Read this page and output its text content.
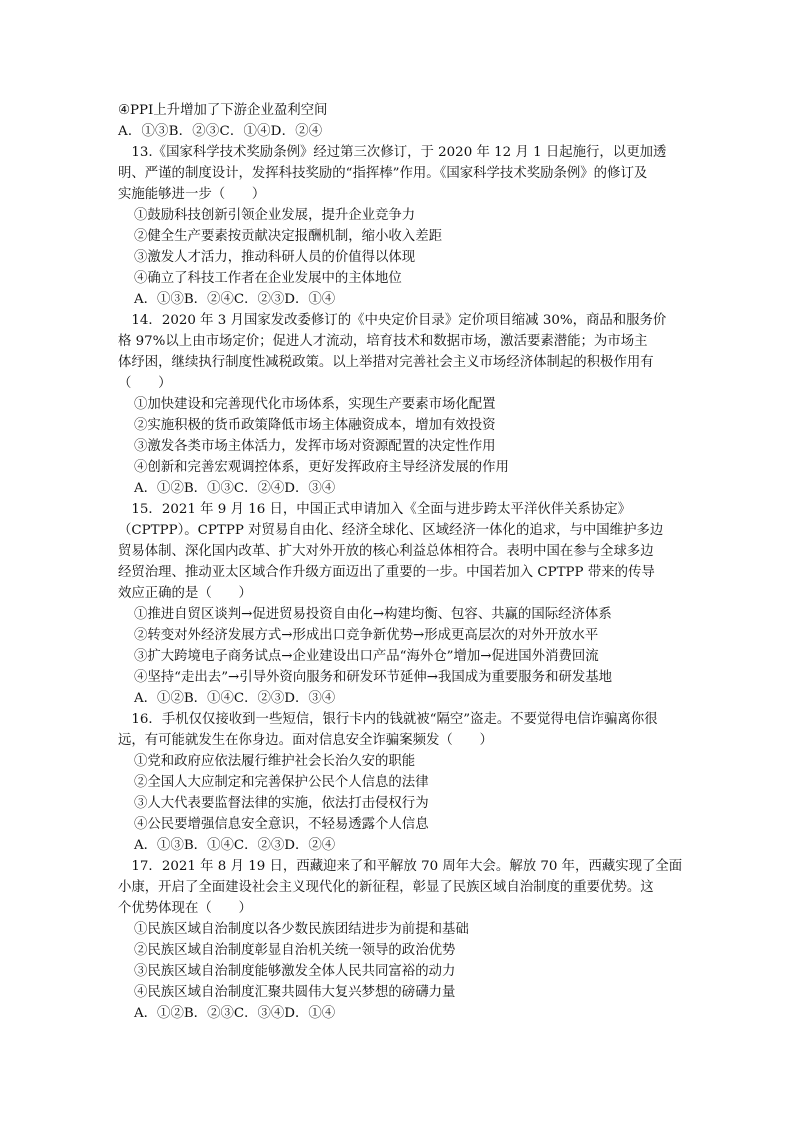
④PPI上升增加了下游企业盈利空间
A．①③B．②③C．①④D．②④
13.《国家科学技术奖励条例》经过第三次修订，于 2020 年 12 月 1 日起施行，以更加透
明、严谨的制度设计，发挥科技奖励的“指挥棒”作用。《国家科学技术奖励条例》的修订及
实施能够进一步（　　）
①鼓励科技创新引领企业发展，提升企业竞争力
②健全生产要素按贡献决定报酬机制，缩小收入差距
③激发人才活力，推动科研人员的价值得以体现
④确立了科技工作者在企业发展中的主体地位
A．①③B．②④C．②③D．①④
14．2020 年 3 月国家发改委修订的《中央定价目录》定价项目缩减 30%，商品和服务价
格 97%以上由市场定价；促进人才流动，培育技术和数据市场，激活要素潜能；为市场主
体纾困，继续执行制度性减税政策。以上举措对完善社会主义市场经济体制起的积极作用有
（　　）
①加快建设和完善现代化市场体系，实现生产要素市场化配置
②实施积极的货币政策降低市场主体融资成本，增加有效投资
③激发各类市场主体活力，发挥市场对资源配置的决定性作用
④创新和完善宏观调控体系，更好发挥政府主导经济发展的作用
A．①②B．①③C．②④D．③④
15．2021 年 9 月 16 日，中国正式申请加入《全面与进步跨太平洋伙伴关系协定》
（CPTPP）。CPTPP 对贸易自由化、经济全球化、区域经济一体化的追求，与中国维护多边
贸易体制、深化国内改革、扩大对外开放的核心利益总体相符合。表明中国在参与全球多边
经贸治理、推动亚太区域合作升级方面迈出了重要的一步。中国若加入 CPTPP 带来的传导
效应正确的是（　　）
①推进自贸区谈判→促进贸易投资自由化→构建均衡、包容、共赢的国际经济体系
②转变对外经济发展方式→形成出口竞争新优势→形成更高层次的对外开放水平
③扩大跨境电子商务试点→企业建设出口产品“海外仓”增加→促进国外消费回流
④坚持“走出去”→引导外资向服务和研发环节延伸→我国成为重要服务和研发基地
A．①②B．①④C．②③D．③④
16．手机仅仅接收到一些短信，银行卡内的钱就被“隔空”盗走。不要觉得电信诈骗离你很
远，有可能就发生在你身边。面对信息安全诈骗案频发（　　）
①党和政府应依法履行维护社会长治久安的职能
②全国人大应制定和完善保护公民个人信息的法律
③人大代表要监督法律的实施，依法打击侵权行为
④公民要增强信息安全意识，不轻易透露个人信息
A．①③B．①④C．②③D．②④
17．2021 年 8 月 19 日，西藏迎来了和平解放 70 周年大会。解放 70 年，西藏实现了全面
小康，开启了全面建设社会主义现代化的新征程，彰显了民族区域自治制度的重要优势。这
个优势体现在（　　）
①民族区域自治制度以各少数民族团结进步为前提和基础
②民族区域自治制度彰显自治机关统一领导的政治优势
③民族区域自治制度能够激发全体人民共同富裕的动力
④民族区域自治制度汇聚共圆伟大复兴梦想的磅礴力量
A．①②B．②③C．③④D．①④
